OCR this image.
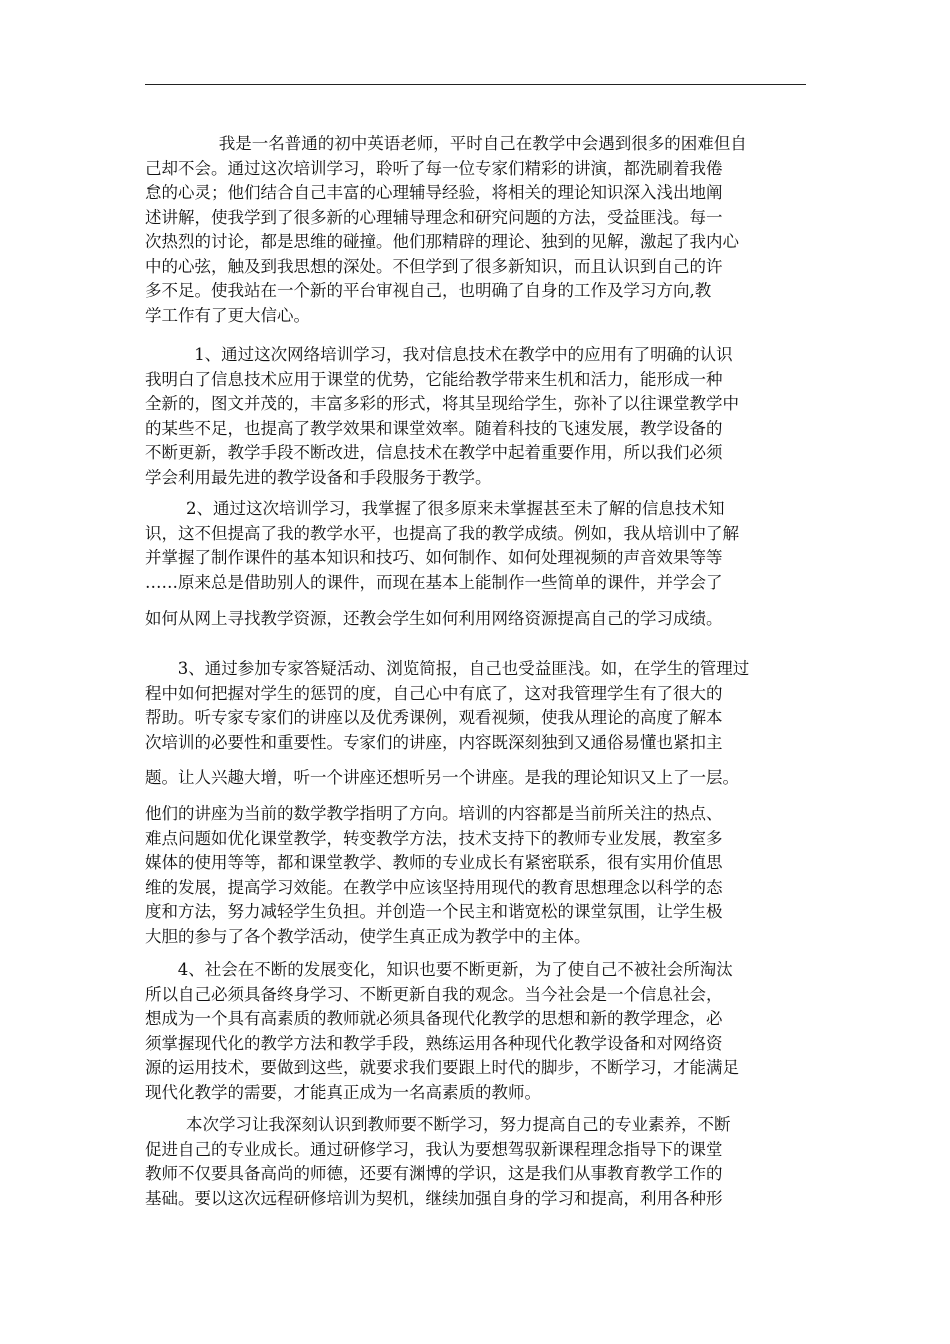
我是一名普通的初中英语老师，平时自己在教学中会遇到很多的困难但自
己却不会。通过这次培训学习，聆听了每一位专家们精彩的讲演，都洗刷着我倦
怠的心灵；他们结合自己丰富的心理辅导经验，将相关的理论知识深入浅出地阐
述讲解，使我学到了很多新的心理辅导理念和研究问题的方法，受益匪浅。每一
次热烈的讨论，都是思维的碰撞。他们那精辟的理论、独到的见解，激起了我内心
中的心弦，触及到我思想的深处。不但学到了很多新知识，而且认识到自己的许
多不足。使我站在一个新的平台审视自己，也明确了自身的工作及学习方向,教
学工作有了更大信心。
1、通过这次网络培训学习，我对信息技术在教学中的应用有了明确的认识
我明白了信息技术应用于课堂的优势，它能给教学带来生机和活力，能形成一种
全新的，图文并茂的，丰富多彩的形式，将其呈现给学生，弥补了以往课堂教学中
的某些不足，也提高了教学效果和课堂效率。随着科技的飞速发展，教学设备的
不断更新，教学手段不断改进，信息技术在教学中起着重要作用，所以我们必须
学会利用最先进的教学设备和手段服务于教学。
2、通过这次培训学习，我掌握了很多原来未掌握甚至未了解的信息技术知
识，这不但提高了我的教学水平，也提高了我的教学成绩。例如，我从培训中了解
并掌握了制作课件的基本知识和技巧、如何制作、如何处理视频的声音效果等等
……原来总是借助别人的课件，而现在基本上能制作一些简单的课件，并学会了
如何从网上寻找教学资源，还教会学生如何利用网络资源提高自己的学习成绩。
3、通过参加专家答疑活动、浏览简报，自己也受益匪浅。如，在学生的管理过
程中如何把握对学生的惩罚的度，自己心中有底了，这对我管理学生有了很大的
帮助。听专家专家们的讲座以及优秀课例，观看视频，使我从理论的高度了解本
次培训的必要性和重要性。专家们的讲座，内容既深刻独到又通俗易懂也紧扣主
题。让人兴趣大增，听一个讲座还想听另一个讲座。是我的理论知识又上了一层。
他们的讲座为当前的数学教学指明了方向。培训的内容都是当前所关注的热点、
难点问题如优化课堂教学，转变教学方法，技术支持下的教师专业发展，教室多
媒体的使用等等，都和课堂教学、教师的专业成长有紧密联系，很有实用价值思
维的发展，提高学习效能。在教学中应该坚持用现代的教育思想理念以科学的态
度和方法，努力减轻学生负担。并创造一个民主和谐宽松的课堂氛围，让学生极
大胆的参与了各个教学活动，使学生真正成为教学中的主体。
4、社会在不断的发展变化，知识也要不断更新，为了使自己不被社会所淘汰
所以自己必须具备终身学习、不断更新自我的观念。当今社会是一个信息社会，
想成为一个具有高素质的教师就必须具备现代化教学的思想和新的教学理念，必
须掌握现代化的教学方法和教学手段，熟练运用各种现代化教学设备和对网络资
源的运用技术，要做到这些，就要求我们要跟上时代的脚步，不断学习，才能满足
现代化教学的需要，才能真正成为一名高素质的教师。
本次学习让我深刻认识到教师要不断学习，努力提高自己的专业素养，不断
促进自己的专业成长。通过研修学习，我认为要想驾驭新课程理念指导下的课堂
教师不仅要具备高尚的师德，还要有渊博的学识，这是我们从事教育教学工作的
基础。要以这次远程研修培训为契机，继续加强自身的学习和提高，利用各种形
